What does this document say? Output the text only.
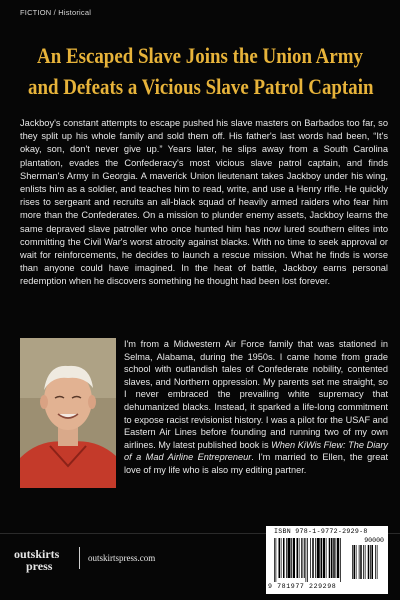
FICTION / Historical
An Escaped Slave Joins the Union Army
and Defeats a Vicious Slave Patrol Captain

Jackboy's constant attempts to escape pushed his slave masters on Barbados too far, so they split up his whole family and sold them off. His father's last words had been, “It's okay, son, don't never give up.” Years later, he slips away from a South Carolina plantation, evades the Confederacy's most vicious slave patrol captain, and finds Sherman's Army in Georgia. A maverick Union lieutenant takes Jackboy under his wing, enlists him as a soldier, and teaches him to read, write, and use a Henry rifle. He quickly rises to sergeant and recruits an all-black squad of heavily armed raiders who fear him more than the Confederates. On a mission to plunder enemy assets, Jackboy learns the same depraved slave patroller who once hunted him has now lured southern elites into committing the Civil War's worst atrocity against blacks. With no time to seek approval or wait for reinforcements, he decides to launch a rescue mission. What he finds is worse than anyone could have imagined. In the heat of battle, Jackboy earns personal redemption when he discovers something he thought had been lost forever.

I'm from a Midwestern Air Force family that was stationed in Selma, Alabama, during the 1950s. I came home from grade school with outlandish tales of Confederate nobility, contented slaves, and Northern oppression. My parents set me straight, so I never embraced the prevailing white supremacy that dehumanized blacks. Instead, it sparked a life-long commitment to expose racist revisionist history. I was a pilot for the USAF and Eastern Air Lines before founding and running two of my own airlines. My latest published book is When KiWis Flew: The Diary of a Mad Airline Entrepreneur. I'm married to Ellen, the great love of my life who is also my editing partner.

outskirts
press
outskirtspress.com
ISBN 978-1-9772-2929-8
90000
9 781977 229298
